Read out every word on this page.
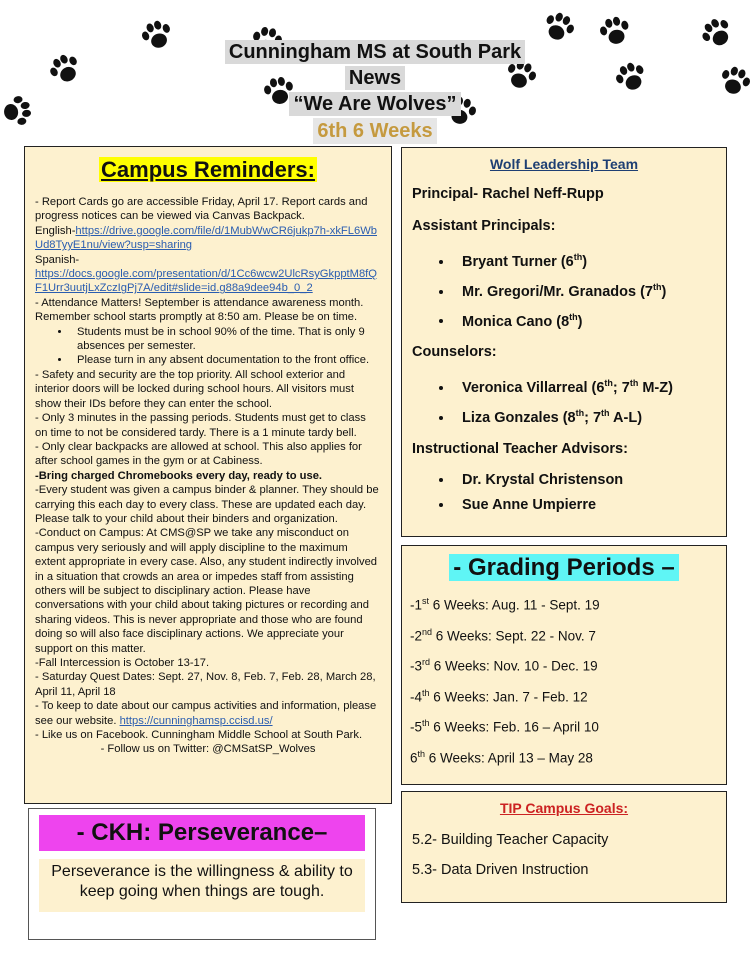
Cunningham MS at South Park
News
“We Are Wolves”
6th 6 Weeks
Campus Reminders:

- Report Cards go are accessible Friday, April 17. Report cards and progress notices can be viewed via Canvas Backpack.

English-https://drive.google.com/file/d/1MubWwCR6jukp7h-xkFL6WbUd8TyyE1nu/view?usp=sharing

Spanish-

https://docs.google.com/presentation/d/1Cc6wcw2UlcRsyGkpptM8fQF1Urr3uutjLxZczIgPj7A/edit#slide=id.g88a9dee94b_0_2

- Attendance Matters! September is attendance awareness month. Remember school starts promptly at 8:50 am. Please be on time.

• Students must be in school 90% of the time. That is only 9 absences per semester.
• Please turn in any absent documentation to the front office.

- Safety and security are the top priority. All school exterior and interior doors will be locked during school hours. All visitors must show their IDs before they can enter the school.

- Only 3 minutes in the passing periods. Students must get to class on time to not be considered tardy. There is a 1 minute tardy bell.

- Only clear backpacks are allowed at school. This also applies for after school games in the gym or at Cabiness.

-Bring charged Chromebooks every day, ready to use.

-Every student was given a campus binder & planner. They should be carrying this each day to every class. These are updated each day. Please talk to your child about their binders and organization.

-Conduct on Campus: At CMS@SP we take any misconduct on campus very seriously and will apply discipline to the maximum extent appropriate in every case. Also, any student indirectly involved in a situation that crowds an area or impedes staff from assisting others will be subject to disciplinary action. Please have conversations with your child about taking pictures or recording and sharing videos. This is never appropriate and those who are found doing so will also face disciplinary actions. We appreciate your support on this matter.

-Fall Intercession is October 13-17.

- Saturday Quest Dates: Sept. 27, Nov. 8, Feb. 7, Feb. 28, March 28, April 11, April 18

- To keep to date about our campus activities and information, please see our website. https://cunninghamsp.ccisd.us/

- Like us on Facebook. Cunningham Middle School at South Park.

- Follow us on Twitter: @CMSatSP_Wolves

- CKH: Perseverance–
Perseverance is the willingness & ability to keep going when things are tough.
Wolf Leadership Team

Principal- Rachel Neff-Rupp

Assistant Principals:

• Bryant Turner (6th)
• Mr. Gregori/Mr. Granados (7th)
• Monica Cano (8th)

Counselors:

• Veronica Villarreal (6th; 7th M-Z)
• Liza Gonzales (8th; 7th A-L)

Instructional Teacher Advisors:

• Dr. Krystal Christenson
• Sue Anne Umpierre
- Grading Periods –

-1st 6 Weeks: Aug. 11 - Sept. 19

-2nd 6 Weeks: Sept. 22 - Nov. 7

-3rd 6 Weeks: Nov. 10 - Dec. 19

-4th 6 Weeks: Jan. 7 - Feb. 12

-5th 6 Weeks: Feb. 16 – April 10

6th 6 Weeks: April 13 – May 28

TIP Campus Goals:

5.2- Building Teacher Capacity

5.3- Data Driven Instruction
